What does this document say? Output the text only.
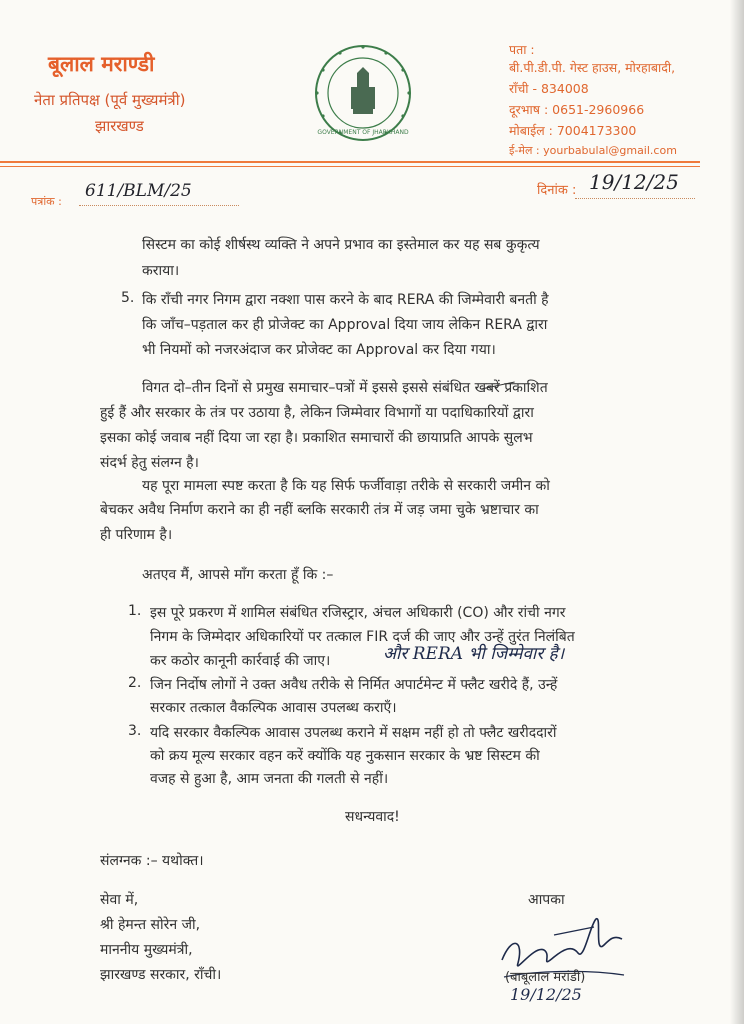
बूलाल मराण्डी
नेता प्रतिपक्ष (पूर्व मुख्यमंत्री)
झारखण्ड	GOVERNMENT OF JHARKHAND
पता :
बी.पी.डी.पी. गेस्ट हाउस, मोरहाबादी,
राँची - 834008
दूरभाष : 0651-2960966
मोबाईल : 7004173300
ई-मेल : yourbabulal@gmail.com
पत्रांक :
611/BLM/25	दिनांक : 19/12/25
सिस्टम का कोई शीर्षस्थ व्यक्ति ने अपने प्रभाव का इस्तेमाल कर यह सब कुकृत्य
कराया।
5. कि राँची नगर निगम द्वारा नक्शा पास करने के बाद RERA की जिम्मेवारी बनती है
कि जाँच–पड़ताल कर ही प्रोजेक्ट का Approval दिया जाय लेकिन RERA द्वारा
भी नियमों को नजरअंदाज कर प्रोजेक्ट का Approval कर दिया गया।
विगत दो–तीन दिनों से प्रमुख समाचार–पत्रों में इससे इससे संबंधित खबरें प्रकाशित
हुई हैं और सरकार के तंत्र पर उठाया है, लेकिन जिम्मेवार विभागों या पदाधिकारियों द्वारा
इसका कोई जवाब नहीं दिया जा रहा है। प्रकाशित समाचारों की छायाप्रति आपके सुलभ
संदर्भ हेतु संलग्न है।
यह पूरा मामला स्पष्ट करता है कि यह सिर्फ फर्जीवाड़ा तरीके से सरकारी जमीन को
बेचकर अवैध निर्माण कराने का ही नहीं ब्लकि सरकारी तंत्र में जड़ जमा चुके भ्रष्टाचार का
ही परिणाम है।
अतएव मैं, आपसे माँग करता हूँ कि :–
1. इस पूरे प्रकरण में शामिल संबंधित रजिस्ट्रार, अंचल अधिकारी (CO) और रांची नगर
निगम के जिम्मेदार अधिकारियों पर तत्काल FIR दर्ज की जाए और उन्हें तुरंत निलंबित
कर कठोर कानूनी कार्रवाई की जाए।	और RERA भी जिम्मेवार है।
2. जिन निर्दोष लोगों ने उक्त अवैध तरीके से निर्मित अपार्टमेन्ट में फ्लैट खरीदे हैं, उन्हें
सरकार तत्काल वैकल्पिक आवास उपलब्ध कराएँ।
3. यदि सरकार वैकल्पिक आवास उपलब्ध कराने में सक्षम नहीं हो तो फ्लैट खरीददारों
को क्रय मूल्य सरकार वहन करें क्योंकि यह नुकसान सरकार के भ्रष्ट सिस्टम की
वजह से हुआ है, आम जनता की गलती से नहीं।
सधन्यवाद!
संलग्नक :– यथोक्त।
सेवा में,
श्री हेमन्त सोरेन जी,
माननीय मुख्यमंत्री,
झारखण्ड सरकार, राँची।
आपका
(बाबूलाल मरांडी)
19/12/25
